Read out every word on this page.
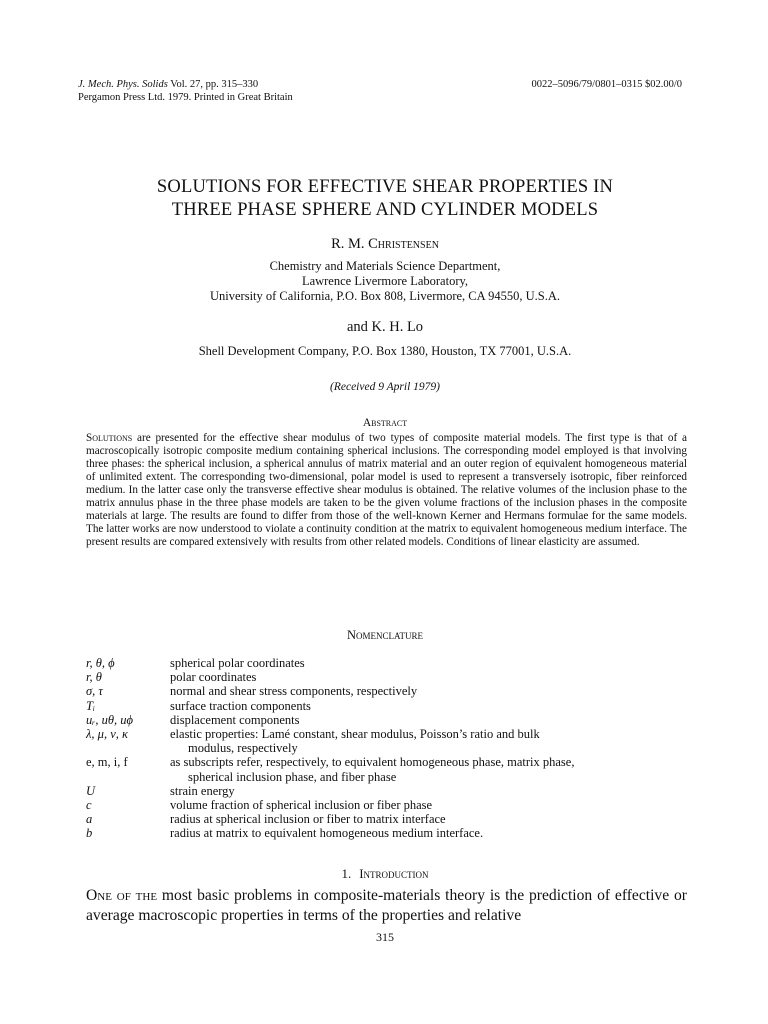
J. Mech. Phys. Solids Vol. 27, pp. 315–330
Pergamon Press Ltd. 1979. Printed in Great Britain
0022–5096/79/0801–0315 $02.00/0
SOLUTIONS FOR EFFECTIVE SHEAR PROPERTIES IN
THREE PHASE SPHERE AND CYLINDER MODELS
R. M. Christensen
Chemistry and Materials Science Department,
Lawrence Livermore Laboratory,
University of California, P.O. Box 808, Livermore, CA 94550, U.S.A.
and K. H. Lo
Shell Development Company, P.O. Box 1380, Houston, TX 77001, U.S.A.
(Received 9 April 1979)
Abstract
Solutions are presented for the effective shear modulus of two types of composite material models. The first type is that of a macroscopically isotropic composite medium containing spherical inclusions. The corresponding model employed is that involving three phases: the spherical inclusion, a spherical annulus of matrix material and an outer region of equivalent homogeneous material of unlimited extent. The corresponding two-dimensional, polar model is used to represent a transversely isotropic, fiber reinforced medium. In the latter case only the transverse effective shear modulus is obtained. The relative volumes of the inclusion phase to the matrix annulus phase in the three phase models are taken to be the given volume fractions of the inclusion phases in the composite materials at large. The results are found to differ from those of the well-known Kerner and Hermans formulae for the same models. The latter works are now understood to violate a continuity condition at the matrix to equivalent homogeneous medium interface. The present results are compared extensively with results from other related models. Conditions of linear elasticity are assumed.
Nomenclature
r, θ, ϕ	spherical polar coordinates
r, θ	polar coordinates
σ, τ	normal and shear stress components, respectively
Tᵢ	surface traction components
uᵣ, uθ, uϕ	displacement components
λ, μ, ν, κ	elastic properties: Lamé constant, shear modulus, Poisson’s ratio and bulk
modulus, respectively
e, m, i, f	as subscripts refer, respectively, to equivalent homogeneous phase, matrix phase,
spherical inclusion phase, and fiber phase
U	strain energy
c	volume fraction of spherical inclusion or fiber phase
a	radius at spherical inclusion or fiber to matrix interface
b	radius at matrix to equivalent homogeneous medium interface.
1. Introduction
One of the most basic problems in composite-materials theory is the prediction of effective or average macroscopic properties in terms of the properties and relative
315
